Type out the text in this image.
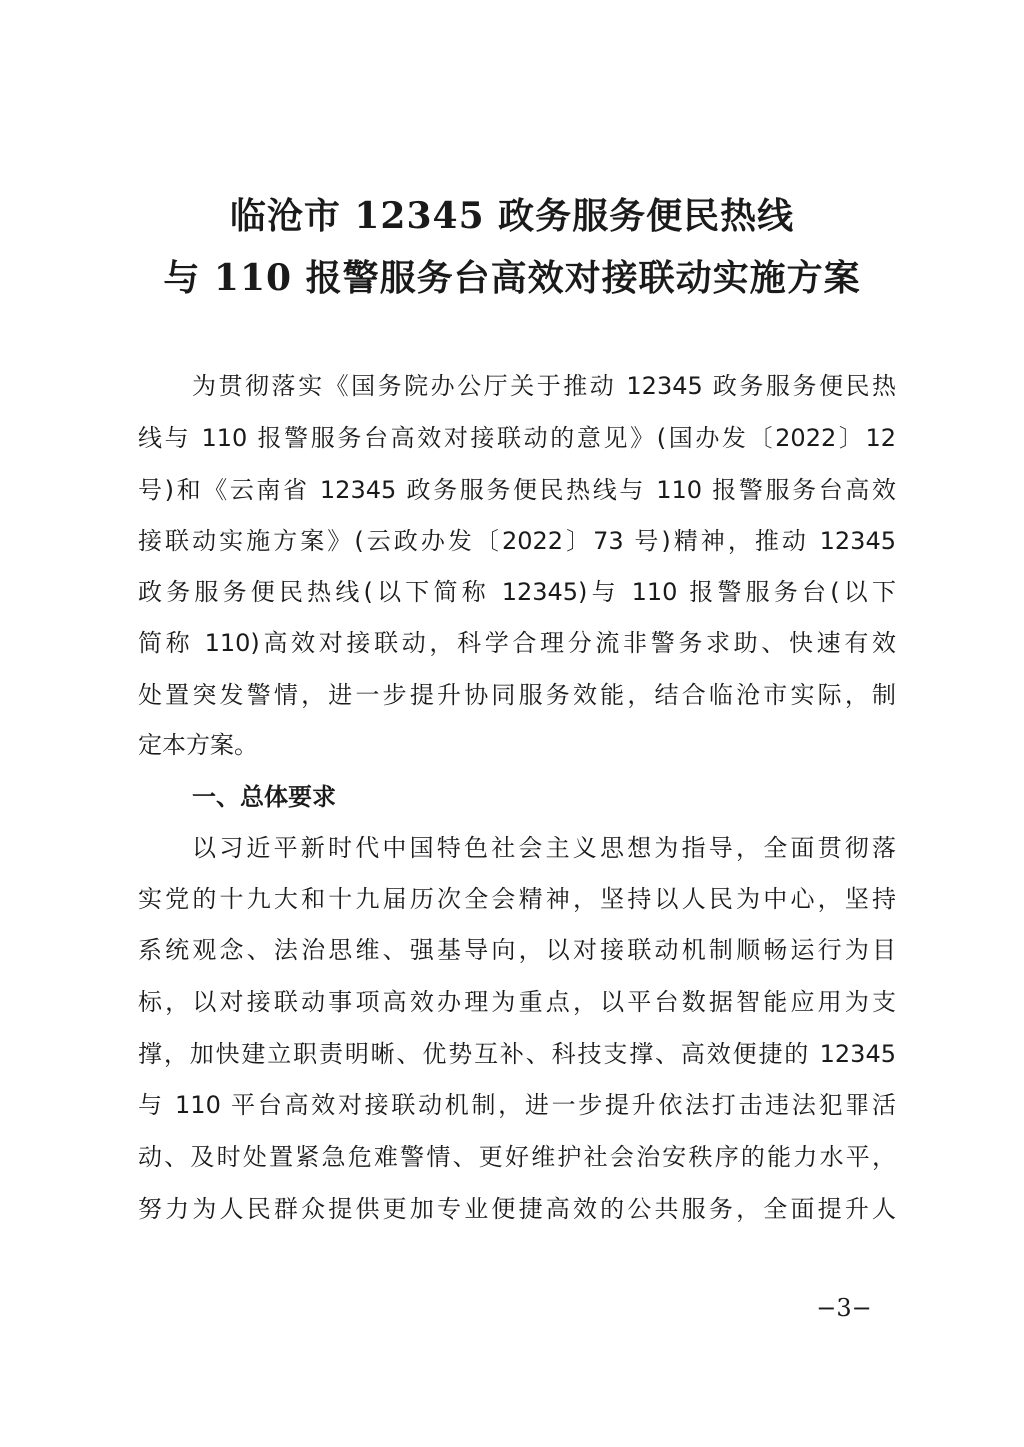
临沧市 12345 政务服务便民热线
与 110 报警服务台高效对接联动实施方案
为贯彻落实《国务院办公厅关于推动 12345 政务服务便民热
线与 110 报警服务台高效对接联动的意见》(国办发〔2022〕12
号)和《云南省 12345 政务服务便民热线与 110 报警服务台高效
接联动实施方案》(云政办发〔2022〕73 号)精神，推动 12345
政务服务便民热线(以下简称 12345)与 110 报警服务台(以下
简称 110)高效对接联动，科学合理分流非警务求助、快速有效
处置突发警情，进一步提升协同服务效能，结合临沧市实际，制
定本方案。
一、总体要求
以习近平新时代中国特色社会主义思想为指导，全面贯彻落
实党的十九大和十九届历次全会精神，坚持以人民为中心，坚持
系统观念、法治思维、强基导向，以对接联动机制顺畅运行为目
标，以对接联动事项高效办理为重点，以平台数据智能应用为支
撑，加快建立职责明晰、优势互补、科技支撑、高效便捷的 12345
与 110 平台高效对接联动机制，进一步提升依法打击违法犯罪活
动、及时处置紧急危难警情、更好维护社会治安秩序的能力水平，
努力为人民群众提供更加专业便捷高效的公共服务，全面提升人
−3−
